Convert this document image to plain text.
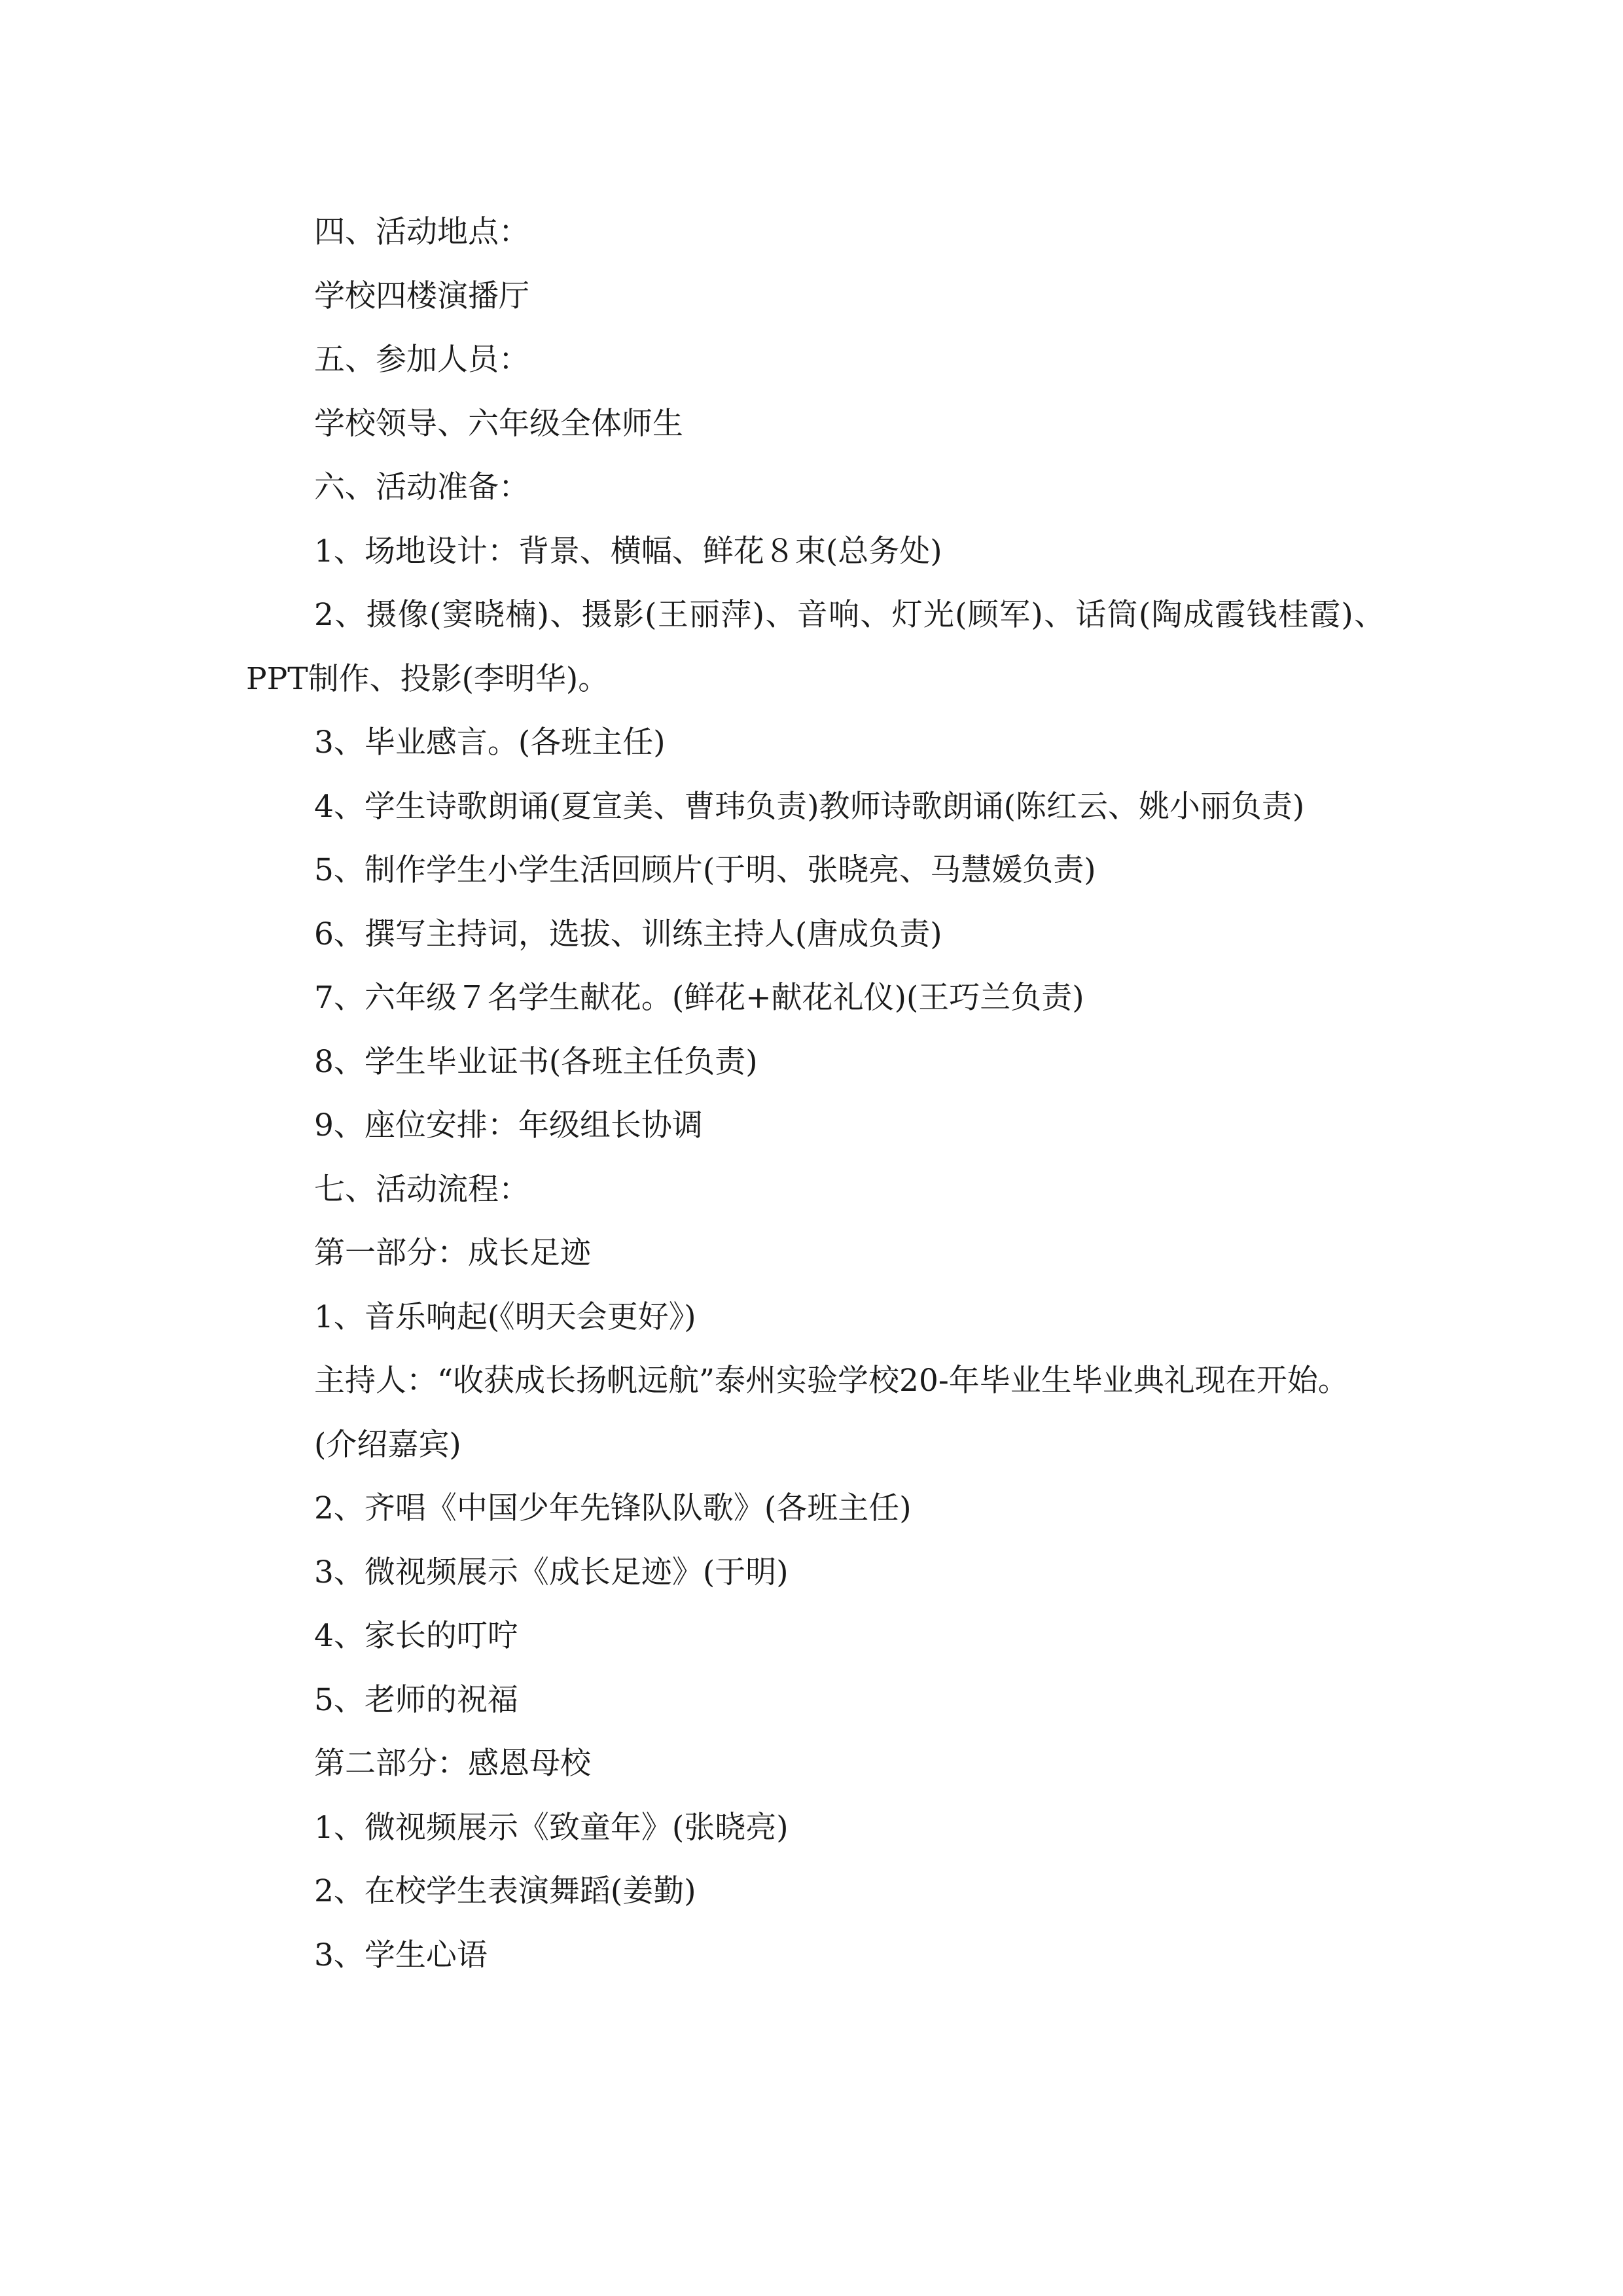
四、活动地点：

学校四楼演播厅

五、参加人员：

学校领导、六年级全体师生

六、活动准备：

1、场地设计：背景、横幅、鲜花８束(总务处)

2、摄像(窦晓楠)、摄影(王丽萍)、音响、灯光(顾军)、话筒(陶成霞钱桂霞)、PPT制作、投影(李明华)。

3、毕业感言。(各班主任)

4、学生诗歌朗诵(夏宣美、曹玮负责)教师诗歌朗诵(陈红云、姚小丽负责)

5、制作学生小学生活回顾片(于明、张晓亮、马慧媛负责)

6、撰写主持词，选拔、训练主持人(唐成负责)

7、六年级７名学生献花。(鲜花+献花礼仪)(王巧兰负责)

8、学生毕业证书(各班主任负责)

9、座位安排：年级组长协调

七、活动流程：

第一部分：成长足迹

1、音乐响起(《明天会更好》)

主持人：“收获成长扬帆远航”泰州实验学校20-年毕业生毕业典礼现在开始。

(介绍嘉宾)

2、齐唱《中国少年先锋队队歌》(各班主任)

3、微视频展示《成长足迹》(于明)

4、家长的叮咛

5、老师的祝福

第二部分：感恩母校

1、微视频展示《致童年》(张晓亮)

2、在校学生表演舞蹈(姜勤)

3、学生心语
